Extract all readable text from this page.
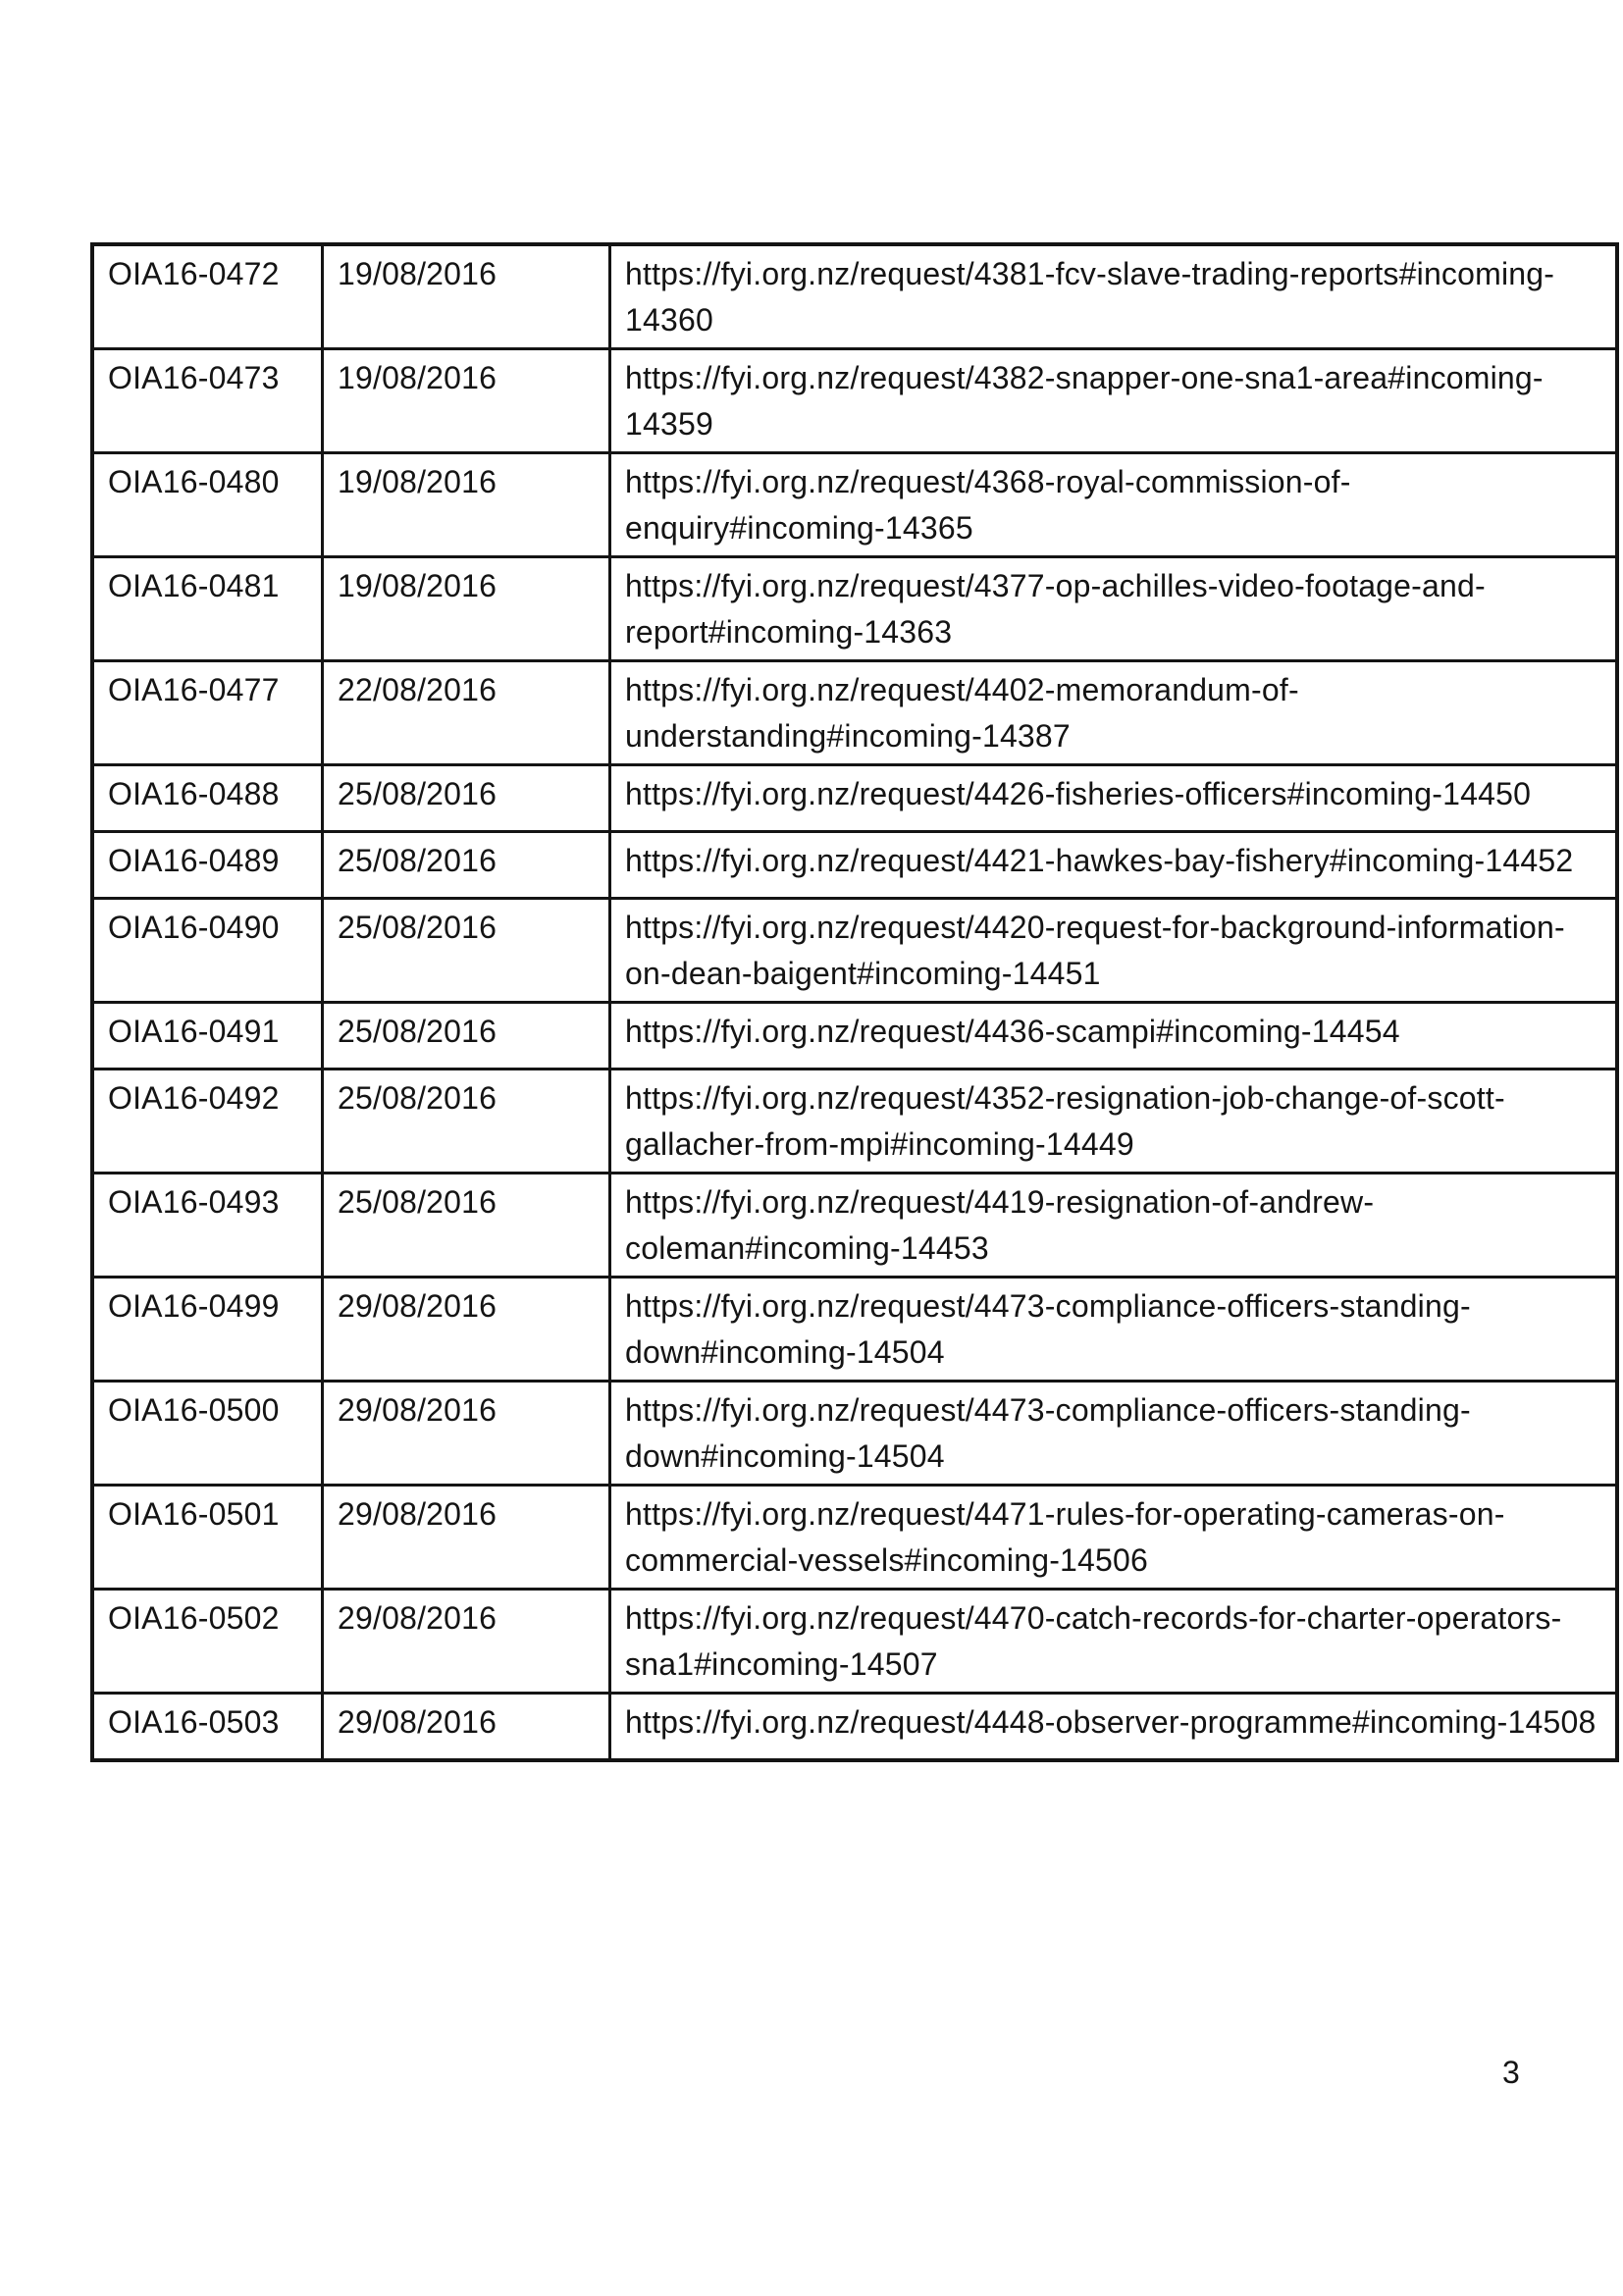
OIA16-0472	19/08/2016	https://fyi.org.nz/request/4381-fcv-slave-trading-reports#incoming-14360
OIA16-0473	19/08/2016	https://fyi.org.nz/request/4382-snapper-one-sna1-area#incoming-14359
OIA16-0480	19/08/2016	https://fyi.org.nz/request/4368-royal-commission-of-enquiry#incoming-14365
OIA16-0481	19/08/2016	https://fyi.org.nz/request/4377-op-achilles-video-footage-and-report#incoming-14363
OIA16-0477	22/08/2016	https://fyi.org.nz/request/4402-memorandum-of-understanding#incoming-14387
OIA16-0488	25/08/2016	https://fyi.org.nz/request/4426-fisheries-officers#incoming-14450
OIA16-0489	25/08/2016	https://fyi.org.nz/request/4421-hawkes-bay-fishery#incoming-14452
OIA16-0490	25/08/2016	https://fyi.org.nz/request/4420-request-for-background-information-on-dean-baigent#incoming-14451
OIA16-0491	25/08/2016	https://fyi.org.nz/request/4436-scampi#incoming-14454
OIA16-0492	25/08/2016	https://fyi.org.nz/request/4352-resignation-job-change-of-scott-gallacher-from-mpi#incoming-14449
OIA16-0493	25/08/2016	https://fyi.org.nz/request/4419-resignation-of-andrew-coleman#incoming-14453
OIA16-0499	29/08/2016	https://fyi.org.nz/request/4473-compliance-officers-standing-down#incoming-14504
OIA16-0500	29/08/2016	https://fyi.org.nz/request/4473-compliance-officers-standing-down#incoming-14504
OIA16-0501	29/08/2016	https://fyi.org.nz/request/4471-rules-for-operating-cameras-on-commercial-vessels#incoming-14506
OIA16-0502	29/08/2016	https://fyi.org.nz/request/4470-catch-records-for-charter-operators-sna1#incoming-14507
OIA16-0503	29/08/2016	https://fyi.org.nz/request/4448-observer-programme#incoming-14508
3
